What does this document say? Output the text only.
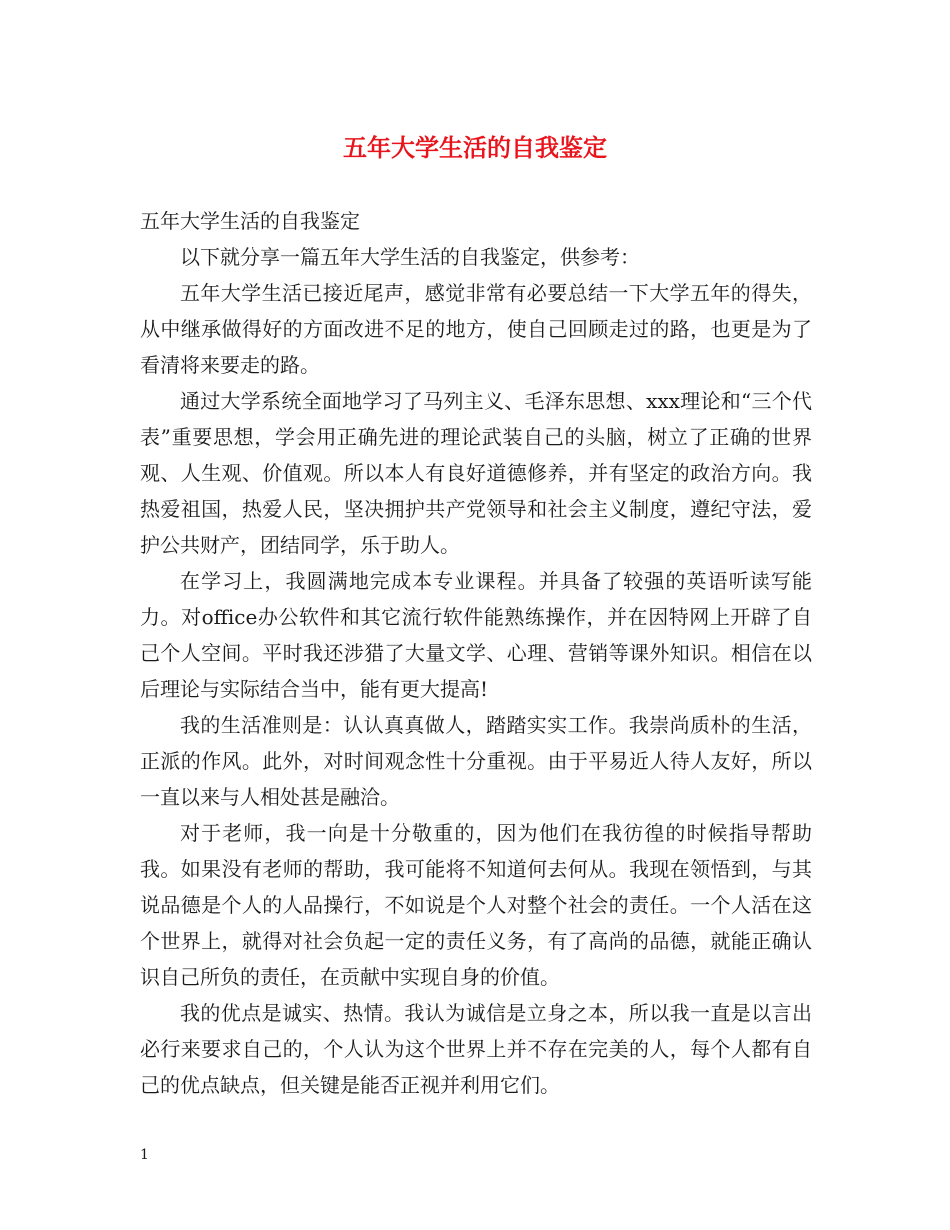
五年大学生活的自我鉴定

五年大学生活的自我鉴定

以下就分享一篇五年大学生活的自我鉴定，供参考：

五年大学生活已接近尾声，感觉非常有必要总结一下大学五年的得失，从中继承做得好的方面改进不足的地方，使自己回顾走过的路，也更是为了看清将来要走的路。

通过大学系统全面地学习了马列主义、毛泽东思想、xxx理论和“三个代表”重要思想，学会用正确先进的理论武装自己的头脑，树立了正确的世界观、人生观、价值观。所以本人有良好道德修养，并有坚定的政治方向。我热爱祖国，热爱人民，坚决拥护共产党领导和社会主义制度，遵纪守法，爱护公共财产，团结同学，乐于助人。

在学习上，我圆满地完成本专业课程。并具备了较强的英语听读写能力。对office办公软件和其它流行软件能熟练操作，并在因特网上开辟了自己个人空间。平时我还涉猎了大量文学、心理、营销等课外知识。相信在以后理论与实际结合当中，能有更大提高!

我的生活准则是：认认真真做人，踏踏实实工作。我崇尚质朴的生活，正派的作风。此外，对时间观念性十分重视。由于平易近人待人友好，所以一直以来与人相处甚是融洽。

对于老师，我一向是十分敬重的，因为他们在我彷徨的时候指导帮助我。如果没有老师的帮助，我可能将不知道何去何从。我现在领悟到，与其说品德是个人的人品操行，不如说是个人对整个社会的责任。一个人活在这个世界上，就得对社会负起一定的责任义务，有了高尚的品德，就能正确认识自己所负的责任，在贡献中实现自身的价值。

我的优点是诚实、热情。我认为诚信是立身之本，所以我一直是以言出必行来要求自己的，个人认为这个世界上并不存在完美的人，每个人都有自己的优点缺点，但关键是能否正视并利用它们。

1
